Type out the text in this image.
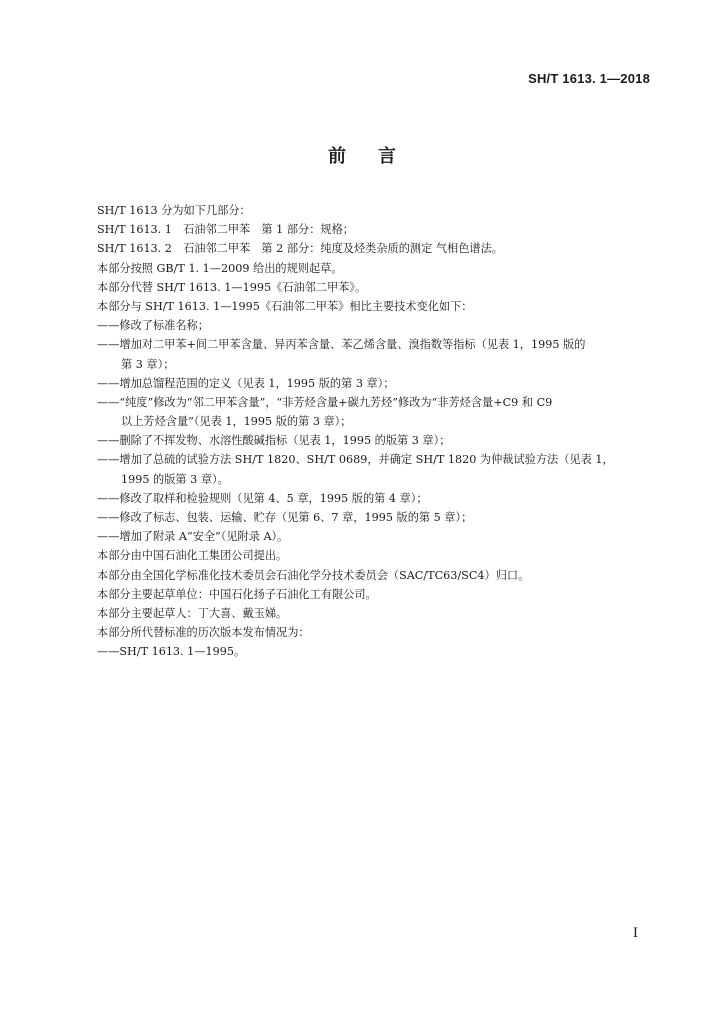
SH/T 1613. 1—2018
前言
SH/T 1613 分为如下几部分：
SH/T 1613. 1　石油邻二甲苯　第 1 部分：规格；
SH/T 1613. 2　石油邻二甲苯　第 2 部分：纯度及烃类杂质的测定 气相色谱法。
本部分按照 GB/T 1. 1—2009 给出的规则起草。
本部分代替 SH/T 1613. 1—1995《石油邻二甲苯》。
本部分与 SH/T 1613. 1—1995《石油邻二甲苯》相比主要技术变化如下：
——修改了标准名称；
——增加对二甲苯+间二甲苯含量、异丙苯含量、苯乙烯含量、溴指数等指标（见表 1，1995 版的
第 3 章）；
——增加总馏程范围的定义（见表 1，1995 版的第 3 章）；
——“纯度”修改为“邻二甲苯含量”，“非芳烃含量+碳九芳烃”修改为“非芳烃含量+C9 和 C9
以上芳烃含量”（见表 1，1995 版的第 3 章）；
——删除了不挥发物、水溶性酸碱指标（见表 1，1995 的版第 3 章）；
——增加了总硫的试验方法 SH/T 1820、SH/T 0689，并确定 SH/T 1820 为仲裁试验方法（见表 1，
1995 的版第 3 章）。
——修改了取样和检验规则（见第 4、5 章，1995 版的第 4 章）；
——修改了标志、包装、运输、贮存（见第 6、7 章，1995 版的第 5 章）；
——增加了附录 A“安全”（见附录 A）。
本部分由中国石油化工集团公司提出。
本部分由全国化学标准化技术委员会石油化学分技术委员会（SAC/TC63/SC4）归口。
本部分主要起草单位：中国石化扬子石油化工有限公司。
本部分主要起草人：丁大喜、戴玉娣。
本部分所代替标准的历次版本发布情况为：
——SH/T 1613. 1—1995。
I
